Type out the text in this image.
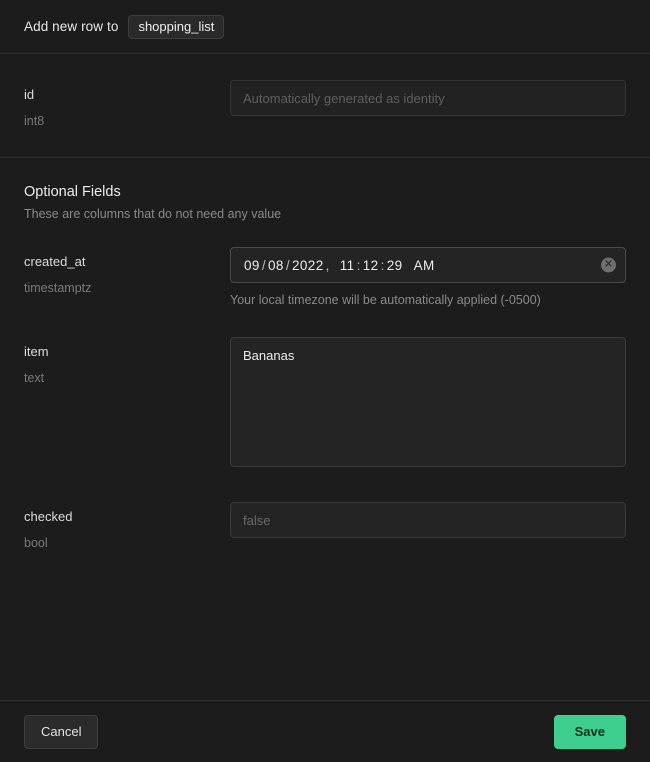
Add new row to	shopping_list
id
int8
Automatically generated as identity
Optional Fields
These are columns that do not need any value
created_at
timestamptz
09 / 08 / 2022 , 11 : 12 : 29 AM	✕
Your local timezone will be automatically applied (-0500)
item
text
Bananas
checked
bool
false
Cancel	Save
